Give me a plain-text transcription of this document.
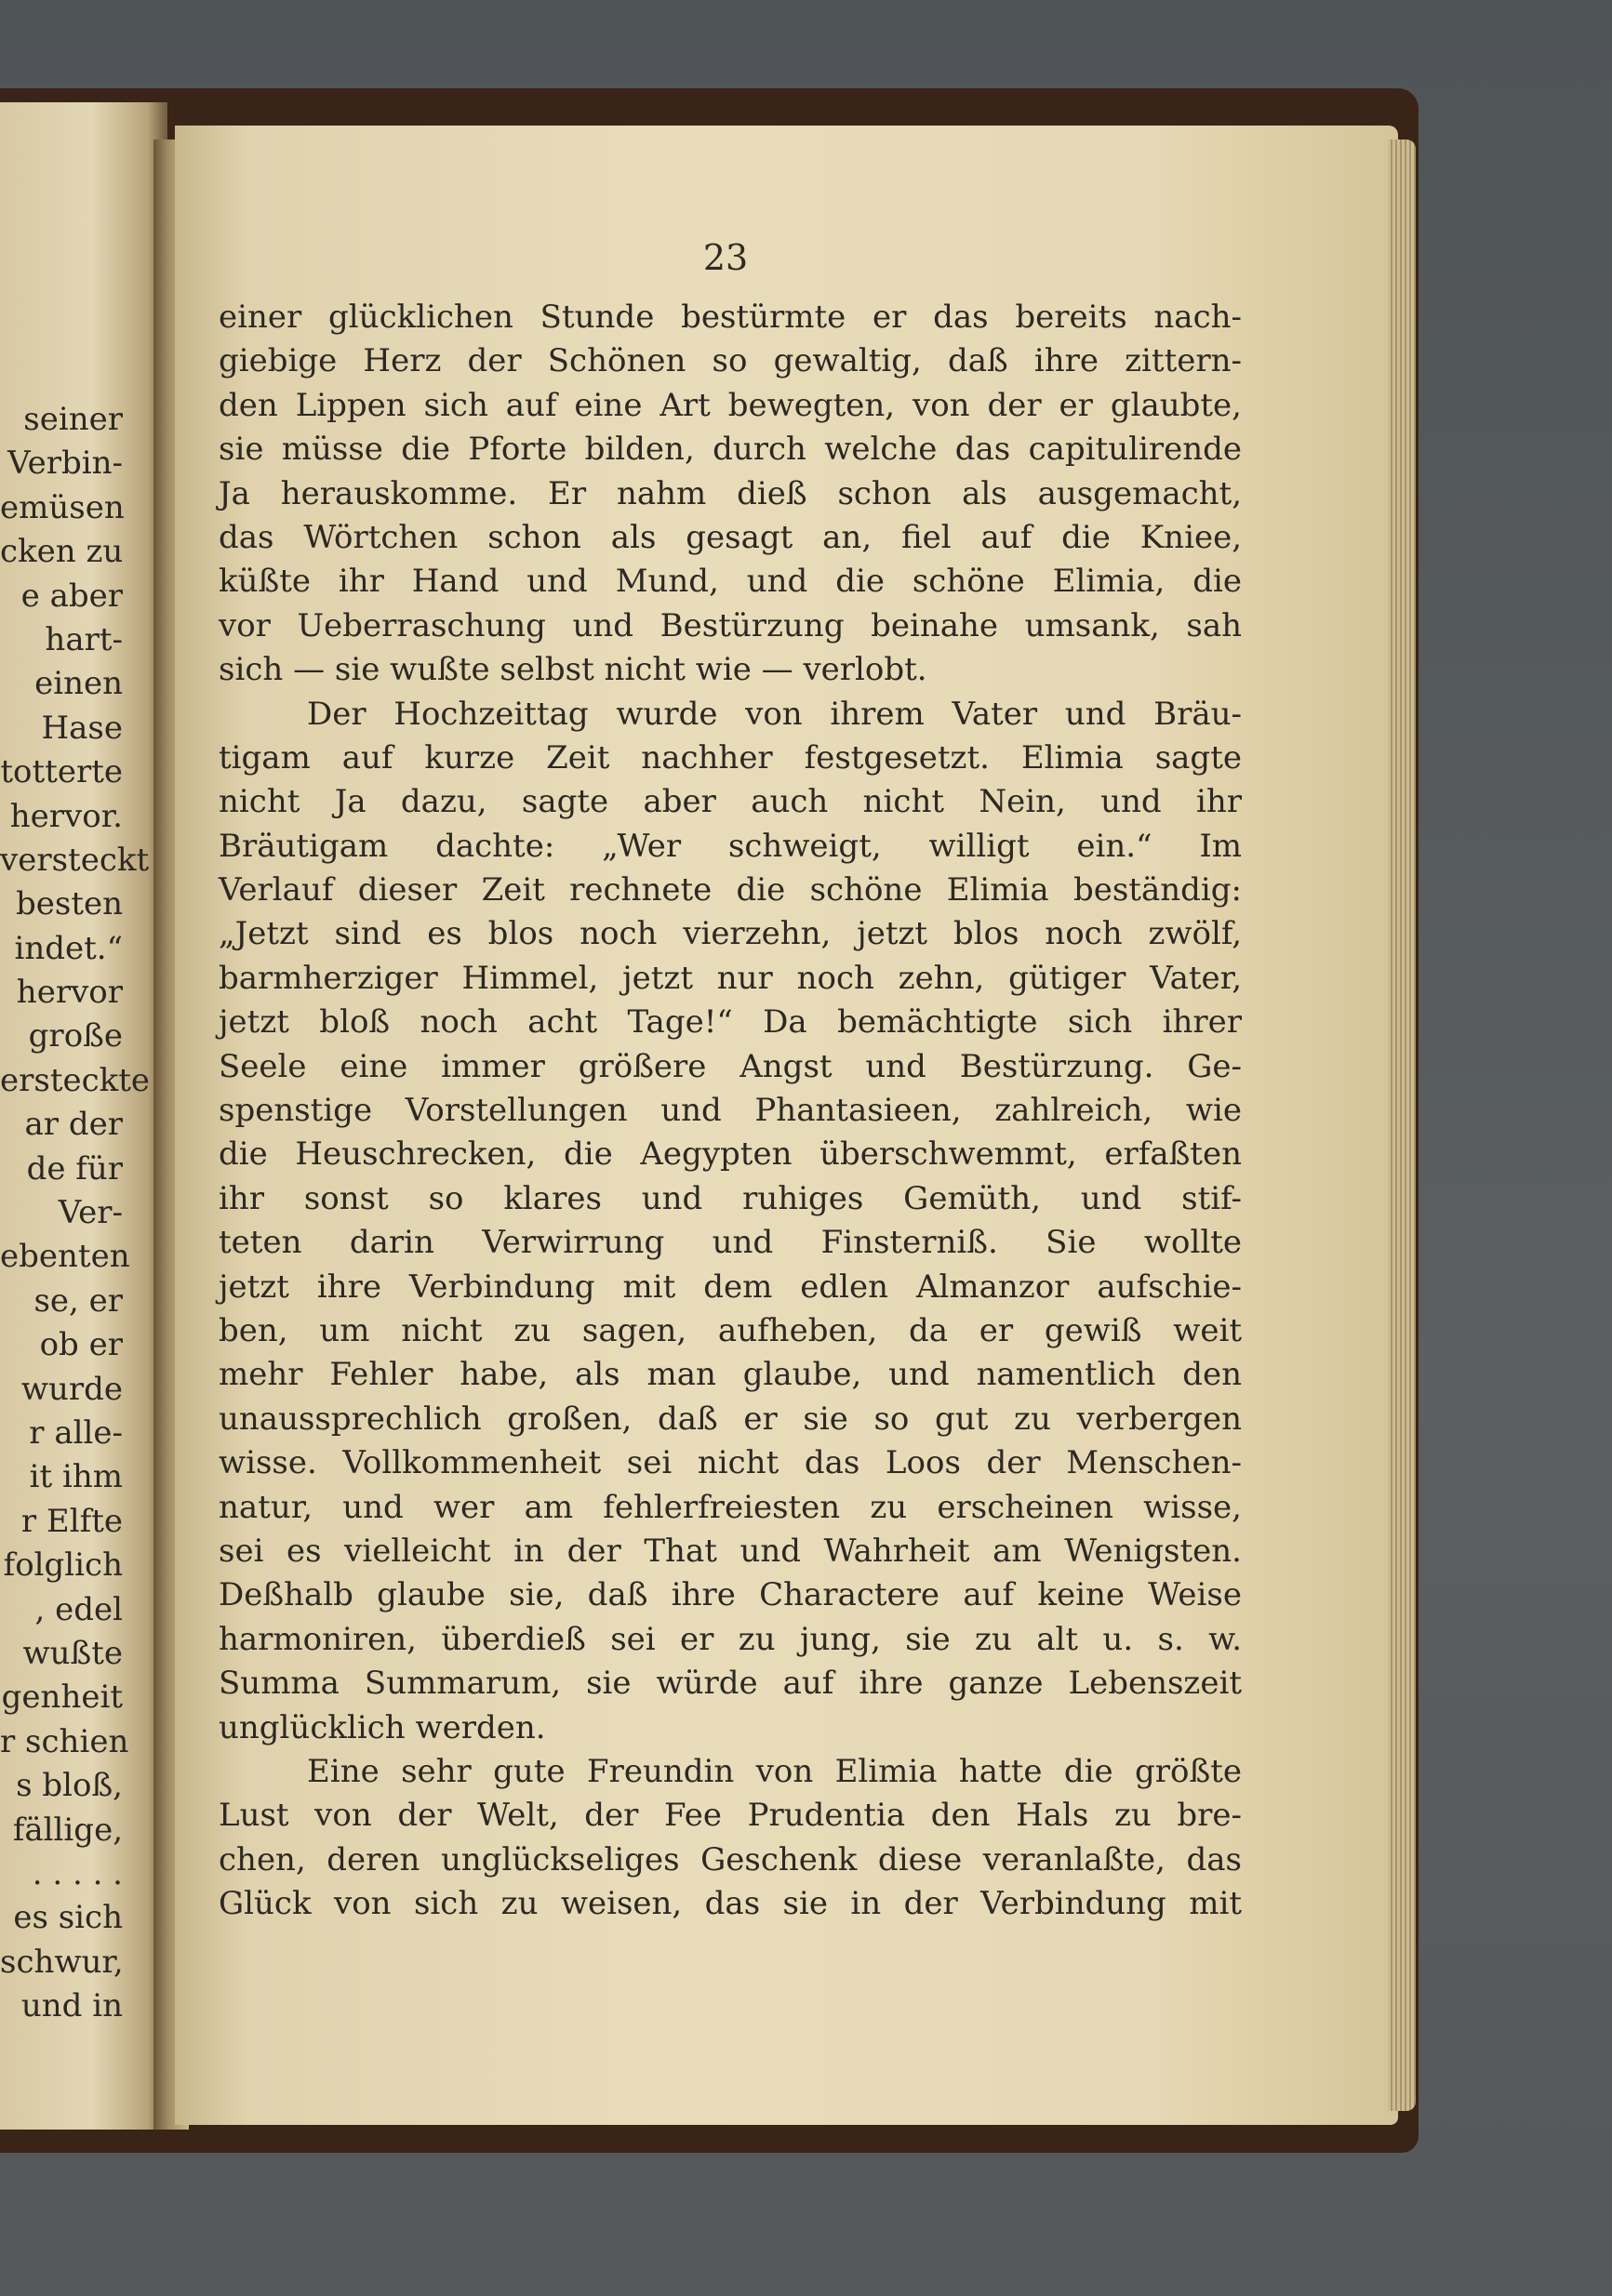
seiner
Verbin-
emüsen
cken zu
e aber
hart-
einen
Hase
totterte
hervor.
versteckt
besten
indet.“
hervor
große
ersteckte
ar der
de für
Ver-
ebenten
se, er
ob er
wurde
r alle-
it ihm
r Elfte
folglich
, edel
wußte
genheit
r schien
s bloß,
fällige,
. . . . .
es sich
schwur,
und in
23
einer glücklichen Stunde bestürmte er das bereits nach-
giebige Herz der Schönen so gewaltig, daß ihre zittern-
den Lippen sich auf eine Art bewegten, von der er glaubte,
sie müsse die Pforte bilden, durch welche das capitulirende
Ja herauskomme. Er nahm dieß schon als ausgemacht,
das Wörtchen schon als gesagt an, fiel auf die Kniee,
küßte ihr Hand und Mund, und die schöne Elimia, die
vor Ueberraschung und Bestürzung beinahe umsank, sah
sich — sie wußte selbst nicht wie — verlobt.
Der Hochzeittag wurde von ihrem Vater und Bräu-
tigam auf kurze Zeit nachher festgesetzt. Elimia sagte
nicht Ja dazu, sagte aber auch nicht Nein, und ihr
Bräutigam dachte: „Wer schweigt, willigt ein.“ Im
Verlauf dieser Zeit rechnete die schöne Elimia beständig:
„Jetzt sind es blos noch vierzehn, jetzt blos noch zwölf,
barmherziger Himmel, jetzt nur noch zehn, gütiger Vater,
jetzt bloß noch acht Tage!“ Da bemächtigte sich ihrer
Seele eine immer größere Angst und Bestürzung. Ge-
spenstige Vorstellungen und Phantasieen, zahlreich, wie
die Heuschrecken, die Aegypten überschwemmt, erfaßten
ihr sonst so klares und ruhiges Gemüth, und stif-
teten darin Verwirrung und Finsterniß. Sie wollte
jetzt ihre Verbindung mit dem edlen Almanzor aufschie-
ben, um nicht zu sagen, aufheben, da er gewiß weit
mehr Fehler habe, als man glaube, und namentlich den
unaussprechlich großen, daß er sie so gut zu verbergen
wisse. Vollkommenheit sei nicht das Loos der Menschen-
natur, und wer am fehlerfreiesten zu erscheinen wisse,
sei es vielleicht in der That und Wahrheit am Wenigsten.
Deßhalb glaube sie, daß ihre Charactere auf keine Weise
harmoniren, überdieß sei er zu jung, sie zu alt u. s. w.
Summa Summarum, sie würde auf ihre ganze Lebenszeit
unglücklich werden.
Eine sehr gute Freundin von Elimia hatte die größte
Lust von der Welt, der Fee Prudentia den Hals zu bre-
chen, deren unglückseliges Geschenk diese veranlaßte, das
Glück von sich zu weisen, das sie in der Verbindung mit
